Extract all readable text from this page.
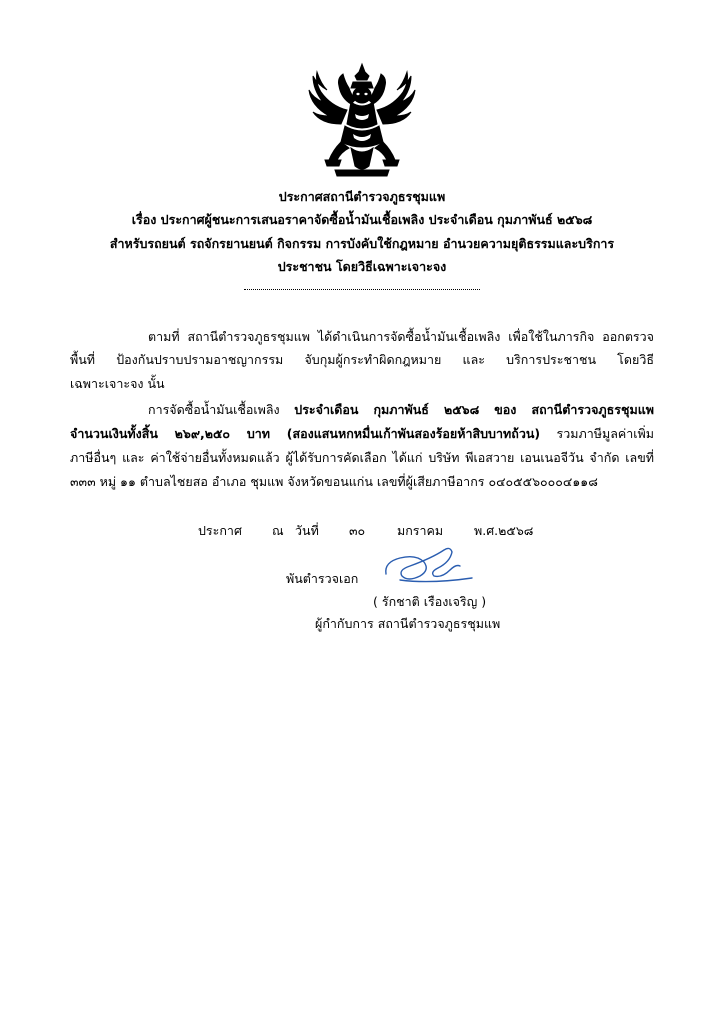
ประกาศสถานีตำรวจภูธรชุมแพ
เรื่อง ประกาศผู้ชนะการเสนอราคาจัดซื้อน้ำมันเชื้อเพลิง ประจำเดือน กุมภาพันธ์ ๒๕๖๘
สำหรับรถยนต์ รถจักรยานยนต์ กิจกรรม การบังคับใช้กฎหมาย อำนวยความยุติธรรมและบริการ
ประชาชน โดยวิธีเฉพาะเจาะจง
ตามที่ สถานีตำรวจภูธรชุมแพ ได้ดำเนินการจัดซื้อน้ำมันเชื้อเพลิง เพื่อใช้ในภารกิจ ออกตรวจ
พื้นที่ ป้องกันปราบปรามอาชญากรรม จับกุมผู้กระทำผิดกฎหมาย และ บริการประชาชน โดยวิธี
เฉพาะเจาะจง นั้น
การจัดซื้อน้ำมันเชื้อเพลิง ประจำเดือน กุมภาพันธ์ ๒๕๖๘ ของ สถานีตำรวจภูธรชุมแพ
จำนวนเงินทั้งสิ้น ๒๖๙,๒๕๐ บาท (สองแสนหกหมื่นเก้าพันสองร้อยห้าสิบบาทถ้วน) รวมภาษีมูลค่าเพิ่ม
ภาษีอื่นๆ และ ค่าใช้จ่ายอื่นทั้งหมดแล้ว ผู้ได้รับการคัดเลือก ได้แก่ บริษัท พีเอสวาย เอนเนอจีวัน จำกัด เลขที่
๓๓๓ หมู่ ๑๑ ตำบลไชยสอ อำเภอ ชุมแพ จังหวัดขอนแก่น เลขที่ผู้เสียภาษีอากร ๐๔๐๕๕๖๐๐๐๔๑๑๘
ประกาศ ณ วันที่ ๓๐	มกราคม พ.ศ.๒๕๖๘
พันตำรวจเอก
( รักชาติ เรืองเจริญ )
ผู้กำกับการ สถานีตำรวจภูธรชุมแพ
